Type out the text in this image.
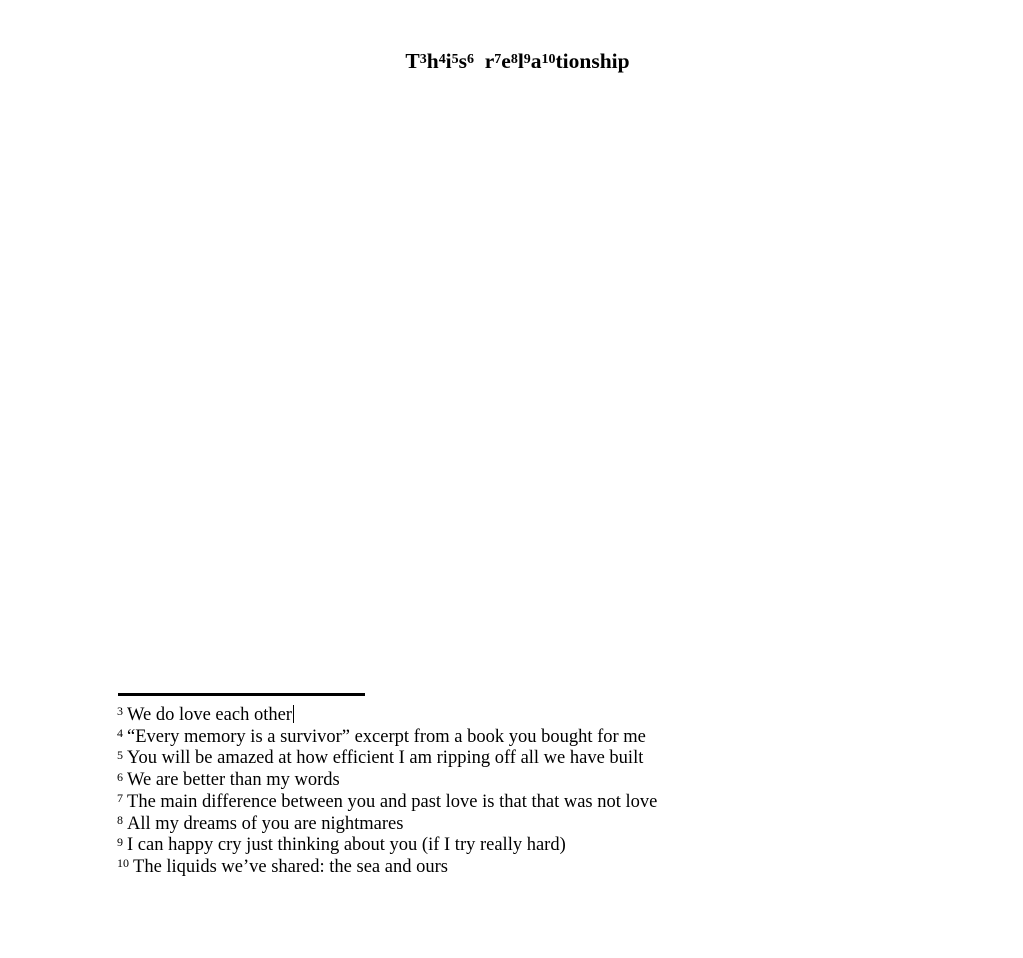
T$^3$h$^4$i$^5$s$^6$ r$^7$e$^8$l$^9$a$^{10}$tionship
$^3$ We do love each other
$^4$ “Every memory is a survivor” excerpt from a book you bought for me
$^5$ You will be amazed at how efficient I am ripping off all we have built
$^6$ We are better than my words
$^7$ The main difference between you and past love is that that was not love
$^8$ All my dreams of you are nightmares
$^9$ I can happy cry just thinking about you (if I try really hard)
$^{10}$ The liquids we’ve shared: the sea and ours
